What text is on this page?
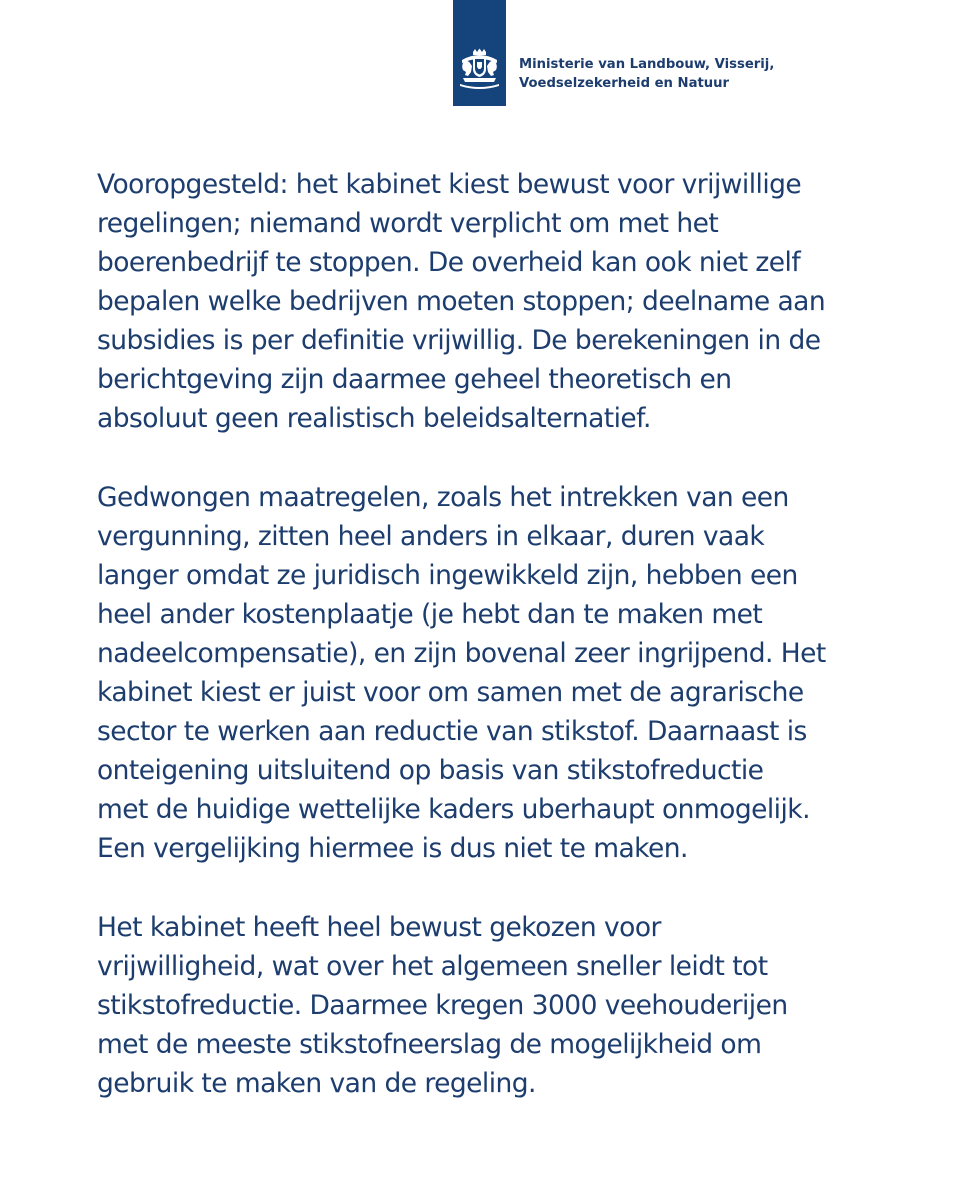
Ministerie van Landbouw, Visserij,
Voedselzekerheid en Natuur

Vooropgesteld: het kabinet kiest bewust voor vrijwillige
regelingen; niemand wordt verplicht om met het
boerenbedrijf te stoppen. De overheid kan ook niet zelf
bepalen welke bedrijven moeten stoppen; deelname aan
subsidies is per definitie vrijwillig. De berekeningen in de
berichtgeving zijn daarmee geheel theoretisch en
absoluut geen realistisch beleidsalternatief.

Gedwongen maatregelen, zoals het intrekken van een
vergunning, zitten heel anders in elkaar, duren vaak
langer omdat ze juridisch ingewikkeld zijn, hebben een
heel ander kostenplaatje (je hebt dan te maken met
nadeelcompensatie), en zijn bovenal zeer ingrijpend. Het
kabinet kiest er juist voor om samen met de agrarische
sector te werken aan reductie van stikstof. Daarnaast is
onteigening uitsluitend op basis van stikstofreductie
met de huidige wettelijke kaders uberhaupt onmogelijk.
Een vergelijking hiermee is dus niet te maken.

Het kabinet heeft heel bewust gekozen voor
vrijwilligheid, wat over het algemeen sneller leidt tot
stikstofreductie. Daarmee kregen 3000 veehouderijen
met de meeste stikstofneerslag de mogelijkheid om
gebruik te maken van de regeling.
